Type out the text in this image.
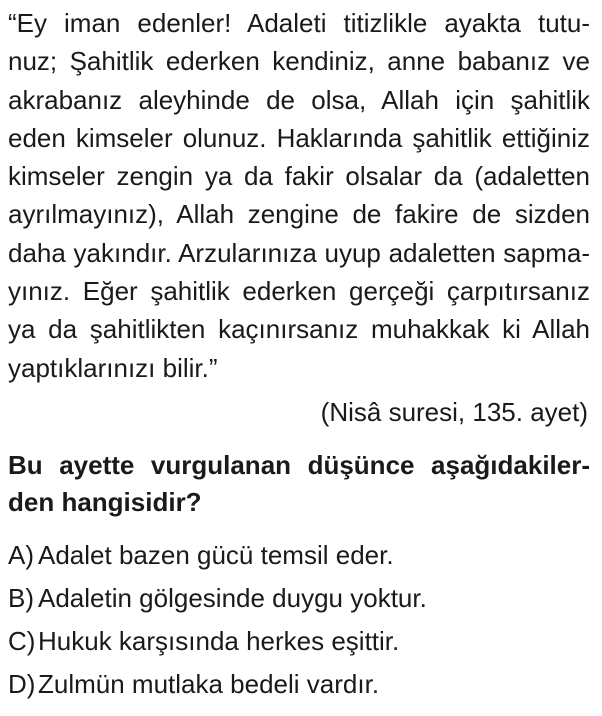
“Ey iman edenler! Adaleti titizlikle ayakta tutu-
nuz; Şahitlik ederken kendiniz, anne babanız ve
akrabanız aleyhinde de olsa, Allah için şahitlik
eden kimseler olunuz. Haklarında şahitlik ettiğiniz
kimseler zengin ya da fakir olsalar da (adaletten
ayrılmayınız), Allah zengine de fakire de sizden
daha yakındır. Arzularınıza uyup adaletten sapma-
yınız. Eğer şahitlik ederken gerçeği çarpıtırsanız
ya da şahitlikten kaçınırsanız muhakkak ki Allah
yaptıklarınızı bilir.”
(Nisâ suresi, 135. ayet)
Bu ayette vurgulanan düşünce aşağıdakiler-
den hangisidir?
A) Adalet bazen gücü temsil eder.
B) Adaletin gölgesinde duygu yoktur.
C)Hukuk karşısında herkes eşittir.
D)Zulmün mutlaka bedeli vardır.
